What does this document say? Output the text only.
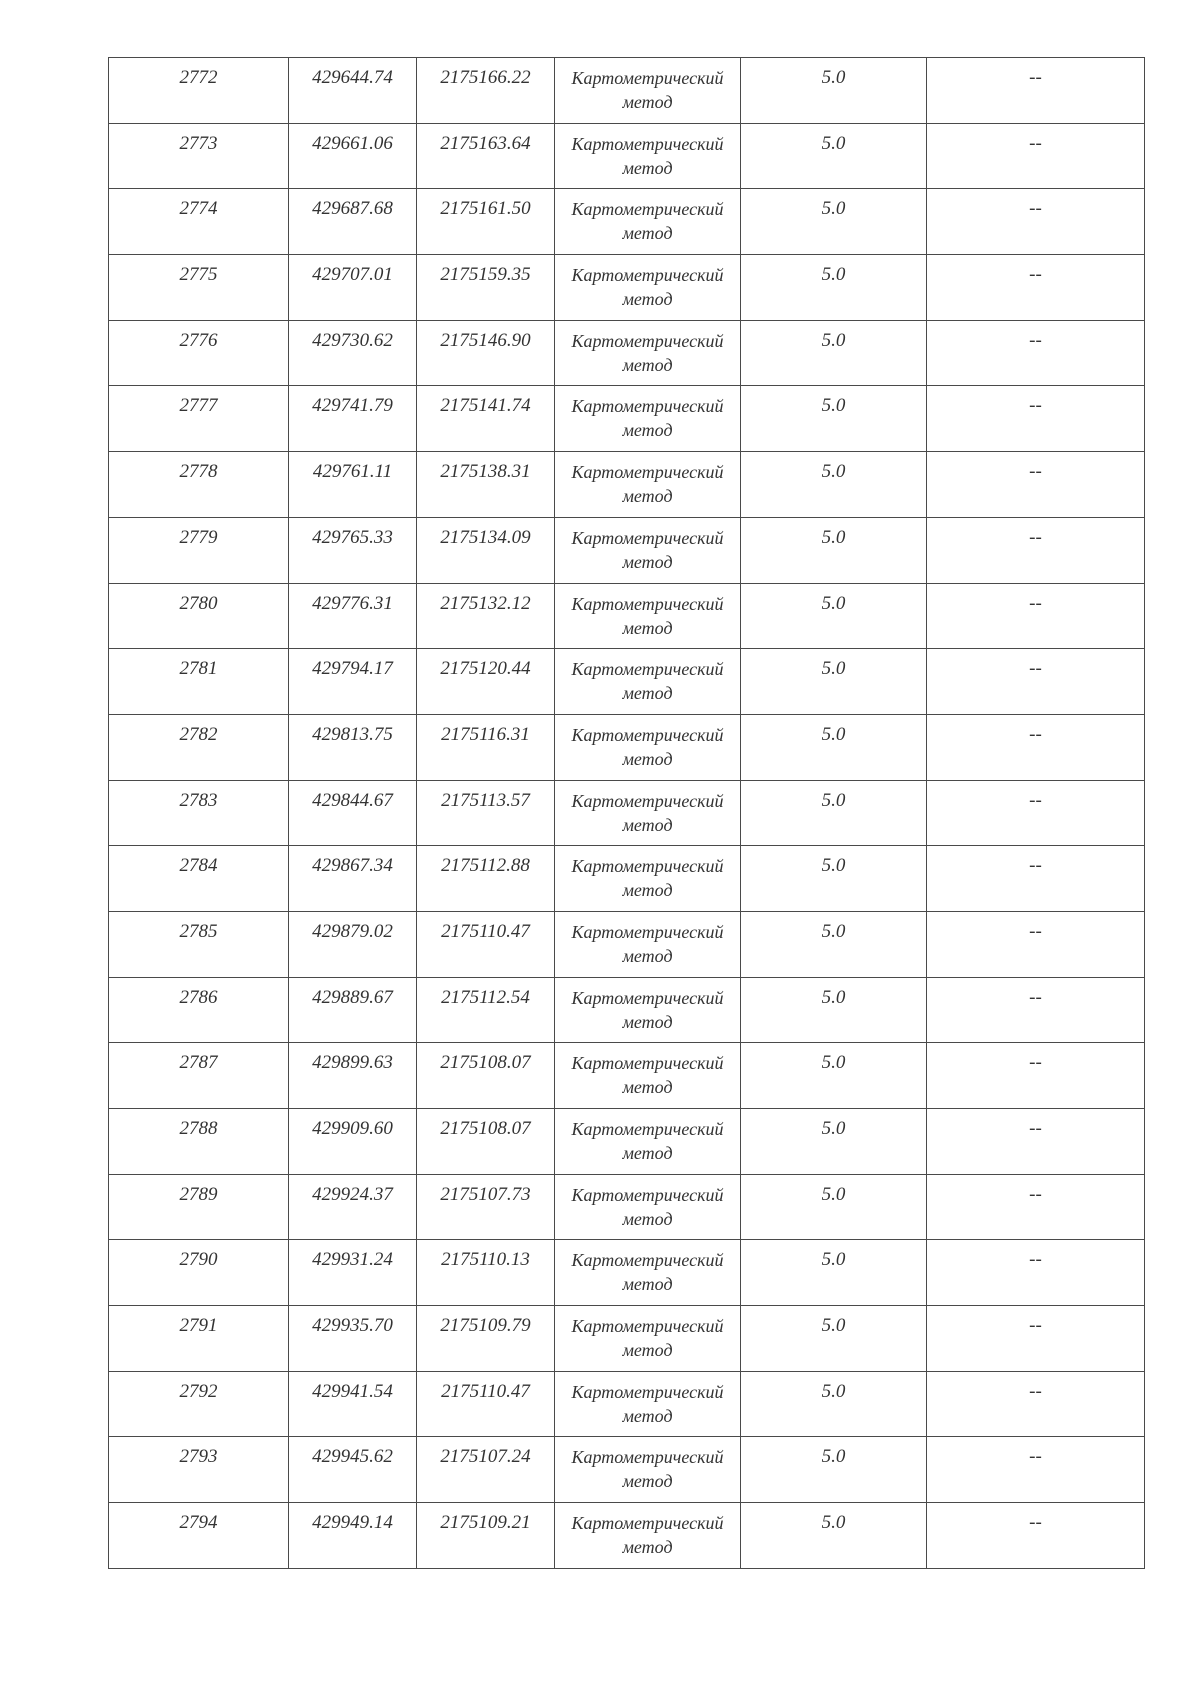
2772	429644.74	2175166.22	Картометрический
метод	5.0	--

2773	429661.06	2175163.64	Картометрический
метод	5.0	--

2774	429687.68	2175161.50	Картометрический
метод	5.0	--

2775	429707.01	2175159.35	Картометрический
метод	5.0	--

2776	429730.62	2175146.90	Картометрический
метод	5.0	--

2777	429741.79	2175141.74	Картометрический
метод	5.0	--

2778	429761.11	2175138.31	Картометрический
метод	5.0	--

2779	429765.33	2175134.09	Картометрический
метод	5.0	--

2780	429776.31	2175132.12	Картометрический
метод	5.0	--

2781	429794.17	2175120.44	Картометрический
метод	5.0	--

2782	429813.75	2175116.31	Картометрический
метод	5.0	--

2783	429844.67	2175113.57	Картометрический
метод	5.0	--

2784	429867.34	2175112.88	Картометрический
метод	5.0	--

2785	429879.02	2175110.47	Картометрический
метод	5.0	--

2786	429889.67	2175112.54	Картометрический
метод	5.0	--

2787	429899.63	2175108.07	Картометрический
метод	5.0	--

2788	429909.60	2175108.07	Картометрический
метод	5.0	--

2789	429924.37	2175107.73	Картометрический
метод	5.0	--

2790	429931.24	2175110.13	Картометрический
метод	5.0	--

2791	429935.70	2175109.79	Картометрический
метод	5.0	--

2792	429941.54	2175110.47	Картометрический
метод	5.0	--

2793	429945.62	2175107.24	Картометрический
метод	5.0	--

2794	429949.14	2175109.21	Картометрический
метод	5.0	--
